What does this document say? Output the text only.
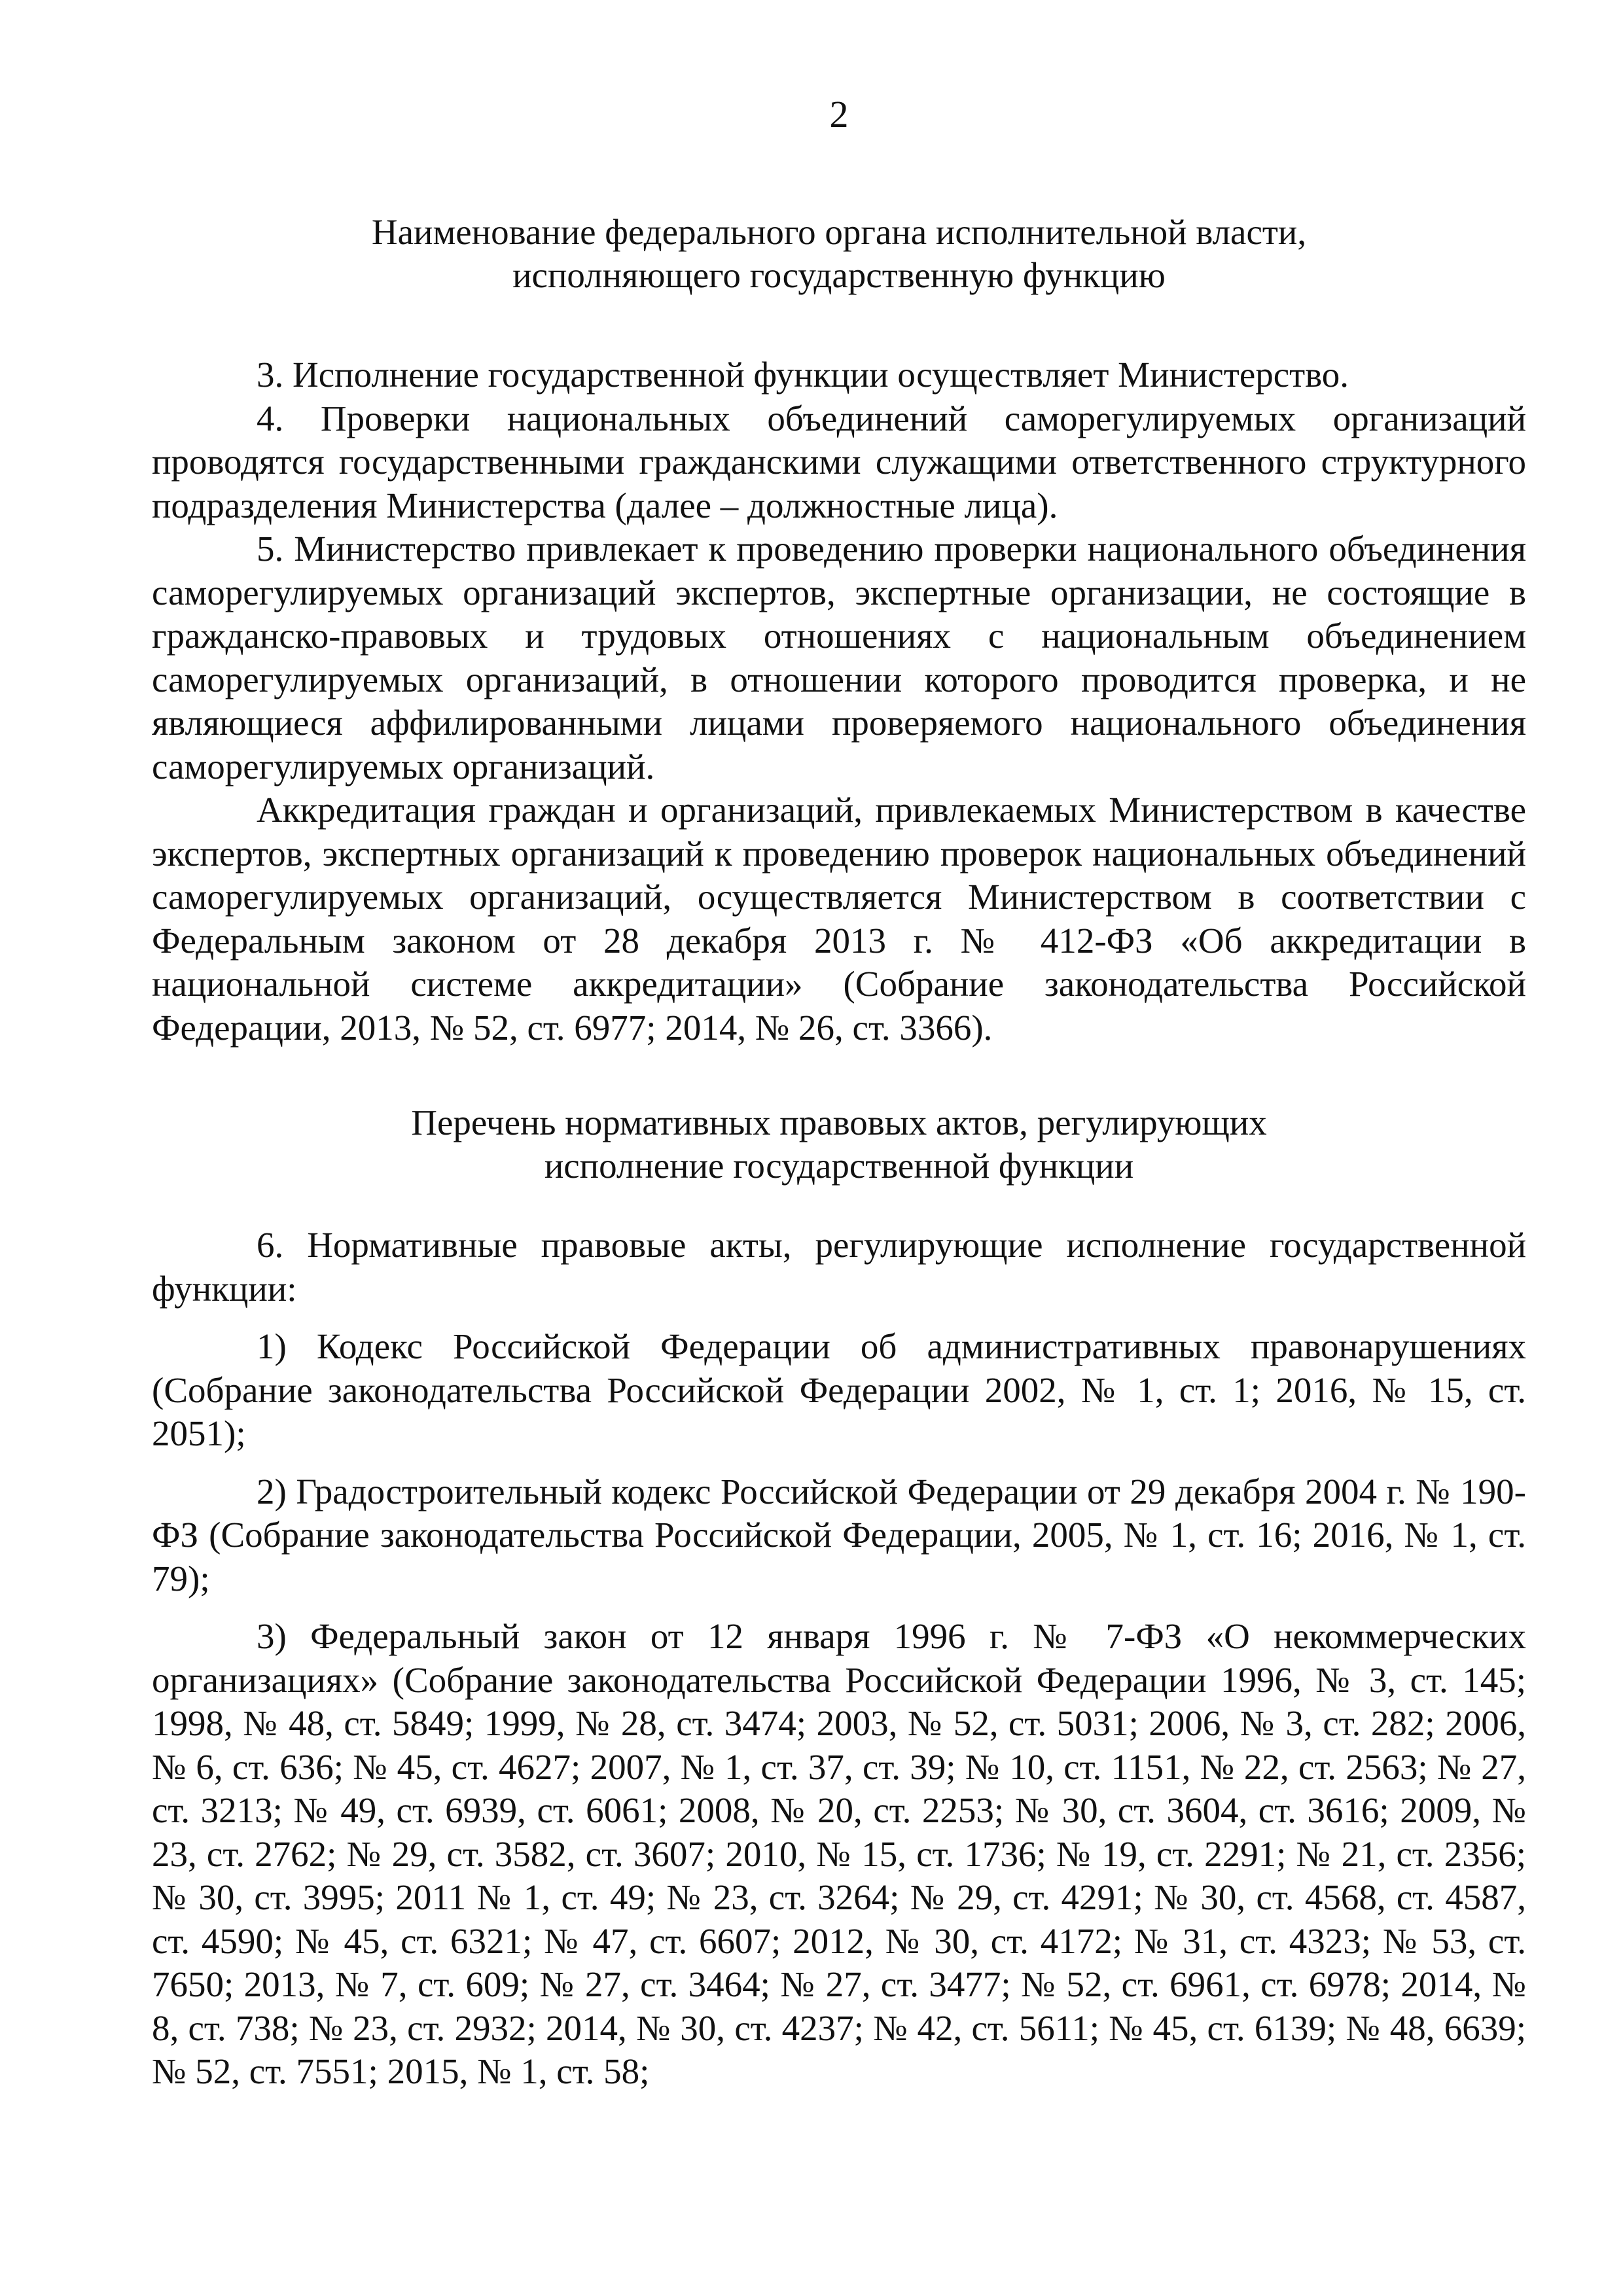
2
Наименование федерального органа исполнительной власти,
исполняющего государственную функцию

3. Исполнение государственной функции осуществляет Министерство.

4. Проверки национальных объединений саморегулируемых организаций проводятся государственными гражданскими служащими ответственного структурного подразделения Министерства (далее – должностные лица).

5. Министерство привлекает к проведению проверки национального объединения саморегулируемых организаций экспертов, экспертные организации, не состоящие в гражданско-правовых и трудовых отношениях с национальным объединением саморегулируемых организаций, в отношении которого проводится проверка, и не являющиеся аффилированными лицами проверяемого национального объединения саморегулируемых организаций.

Аккредитация граждан и организаций, привлекаемых Министерством в качестве экспертов, экспертных организаций к проведению проверок национальных объединений саморегулируемых организаций, осуществляется Министерством в соответствии с Федеральным законом от 28 декабря 2013 г. № 412-ФЗ «Об аккредитации в национальной системе аккредитации» (Собрание законодательства Российской Федерации, 2013, № 52, ст. 6977; 2014, № 26, ст. 3366).

Перечень нормативных правовых актов, регулирующих
исполнение государственной функции

6. Нормативные правовые акты, регулирующие исполнение государственной функции:

1) Кодекс Российской Федерации об административных правонарушениях (Собрание законодательства Российской Федерации 2002, № 1, ст. 1; 2016, № 15, ст. 2051);

2) Градостроительный кодекс Российской Федерации от 29 декабря 2004 г. № 190-ФЗ (Собрание законодательства Российской Федерации, 2005, № 1, ст. 16; 2016, № 1, ст. 79);

3) Федеральный закон от 12 января 1996 г. № 7-ФЗ «О некоммерческих организациях» (Собрание законодательства Российской Федерации 1996, № 3, ст. 145; 1998, № 48, ст. 5849; 1999, № 28, ст. 3474; 2003, № 52, ст. 5031; 2006, № 3, ст. 282; 2006, № 6, ст. 636; № 45, ст. 4627; 2007, № 1, ст. 37, ст. 39; № 10, ст. 1151, № 22, ст. 2563; № 27, ст. 3213; № 49, ст. 6939, ст. 6061; 2008, № 20, ст. 2253; № 30, ст. 3604, ст. 3616; 2009, № 23, ст. 2762; № 29, ст. 3582, ст. 3607; 2010, № 15, ст. 1736; № 19, ст. 2291; № 21, ст. 2356; № 30, ст. 3995; 2011 № 1, ст. 49; № 23, ст. 3264; № 29, ст. 4291; № 30, ст. 4568, ст. 4587, ст. 4590; № 45, ст. 6321; № 47, ст. 6607; 2012, № 30, ст. 4172; № 31, ст. 4323; № 53, ст. 7650; 2013, № 7, ст. 609; № 27, ст. 3464; № 27, ст. 3477; № 52, ст. 6961, ст. 6978; 2014, № 8, ст. 738; № 23, ст. 2932; 2014, № 30, ст. 4237; № 42, ст. 5611; № 45, ст. 6139; № 48, 6639; № 52, ст. 7551; 2015, № 1, ст. 58;
